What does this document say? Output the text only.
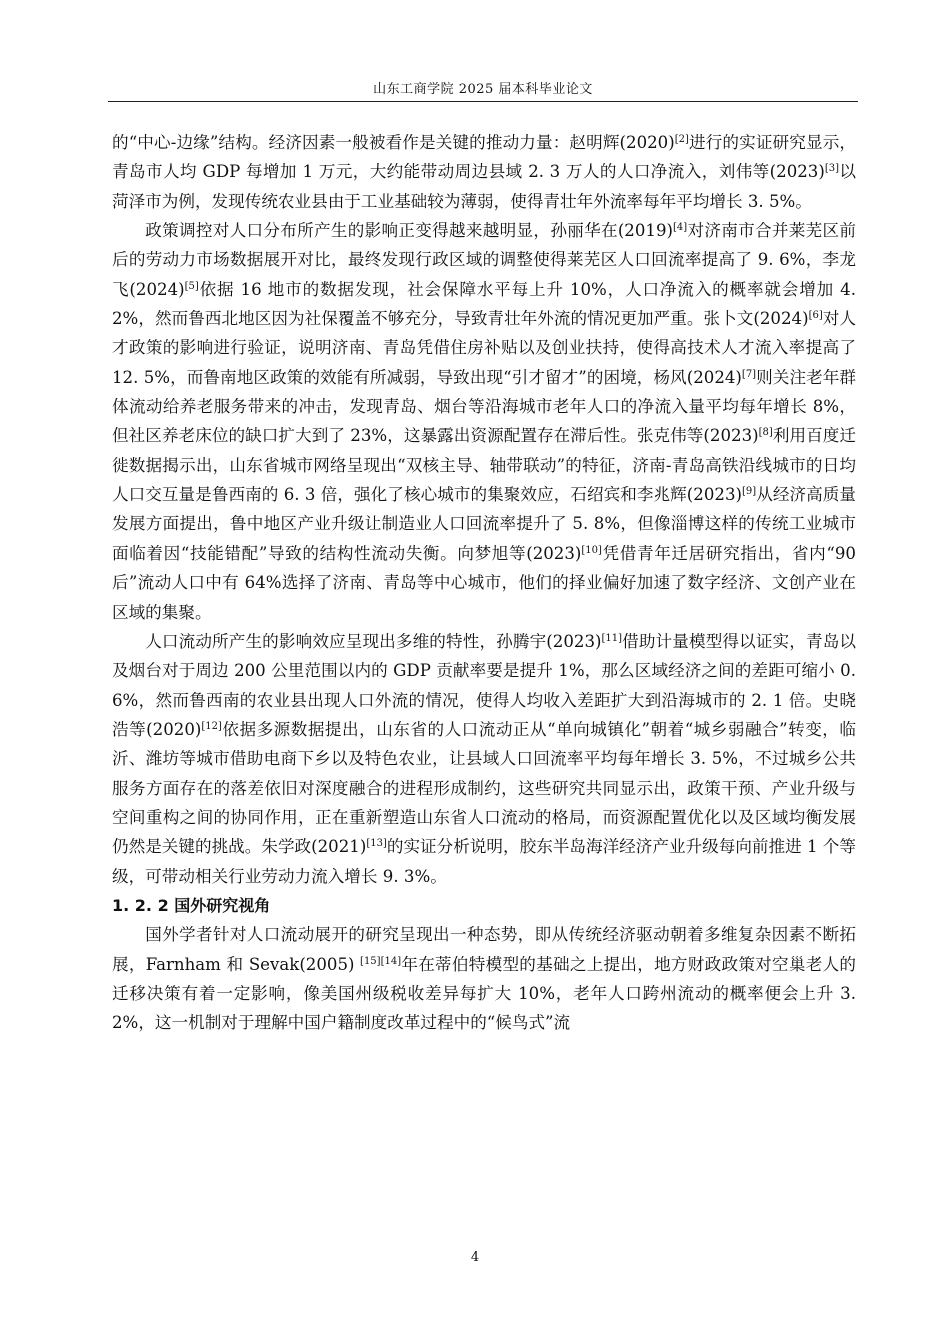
山东工商学院 2025 届本科毕业论文

的“中心-边缘”结构。经济因素一般被看作是关键的推动力量：赵明辉(2020)[2]进行的实证研究显示，青岛市人均 GDP 每增加 1 万元，大约能带动周边县域 2. 3 万人的人口净流入，刘伟等(2023)[3]以菏泽市为例，发现传统农业县由于工业基础较为薄弱，使得青壮年外流率每年平均增长 3. 5%。

政策调控对人口分布所产生的影响正变得越来越明显，孙丽华在(2019)[4]对济南市合并莱芜区前后的劳动力市场数据展开对比，最终发现行政区域的调整使得莱芜区人口回流率提高了 9. 6%，李龙飞(2024)[5]依据 16 地市的数据发现，社会保障水平每上升 10%，人口净流入的概率就会增加 4. 2%，然而鲁西北地区因为社保覆盖不够充分，导致青壮年外流的情况更加严重。张卜文(2024)[6]对人才政策的影响进行验证，说明济南、青岛凭借住房补贴以及创业扶持，使得高技术人才流入率提高了 12. 5%，而鲁南地区政策的效能有所减弱，导致出现“引才留才”的困境，杨风(2024)[7]则关注老年群体流动给养老服务带来的冲击，发现青岛、烟台等沿海城市老年人口的净流入量平均每年增长 8%，但社区养老床位的缺口扩大到了 23%，这暴露出资源配置存在滞后性。张克伟等(2023)[8]利用百度迁徙数据揭示出，山东省城市网络呈现出“双核主导、轴带联动”的特征，济南-青岛高铁沿线城市的日均人口交互量是鲁西南的 6. 3 倍，强化了核心城市的集聚效应，石绍宾和李兆辉(2023)[9]从经济高质量发展方面提出，鲁中地区产业升级让制造业人口回流率提升了 5. 8%，但像淄博这样的传统工业城市面临着因“技能错配”导致的结构性流动失衡。向梦旭等(2023)[10]凭借青年迁居研究指出，省内“90 后”流动人口中有 64%选择了济南、青岛等中心城市，他们的择业偏好加速了数字经济、文创产业在区域的集聚。

人口流动所产生的影响效应呈现出多维的特性，孙腾宇(2023)[11]借助计量模型得以证实，青岛以及烟台对于周边 200 公里范围以内的 GDP 贡献率要是提升 1%，那么区域经济之间的差距可缩小 0. 6%，然而鲁西南的农业县出现人口外流的情况，使得人均收入差距扩大到沿海城市的 2. 1 倍。史晓浩等(2020)[12]依据多源数据提出，山东省的人口流动正从“单向城镇化”朝着“城乡弱融合”转变，临沂、潍坊等城市借助电商下乡以及特色农业，让县域人口回流率平均每年增长 3. 5%，不过城乡公共服务方面存在的落差依旧对深度融合的进程形成制约，这些研究共同显示出，政策干预、产业升级与空间重构之间的协同作用，正在重新塑造山东省人口流动的格局，而资源配置优化以及区域均衡发展仍然是关键的挑战。朱学政(2021)[13]的实证分析说明，胶东半岛海洋经济产业升级每向前推进 1 个等级，可带动相关行业劳动力流入增长 9. 3%。

1. 2. 2 国外研究视角

国外学者针对人口流动展开的研究呈现出一种态势，即从传统经济驱动朝着多维复杂因素不断拓展，Farnham 和 Sevak(2005) [15][14]年在蒂伯特模型的基础之上提出，地方财政政策对空巢老人的迁移决策有着一定影响，像美国州级税收差异每扩大 10%，老年人口跨州流动的概率便会上升 3. 2%，这一机制对于理解中国户籍制度改革过程中的“候鸟式”流

4
